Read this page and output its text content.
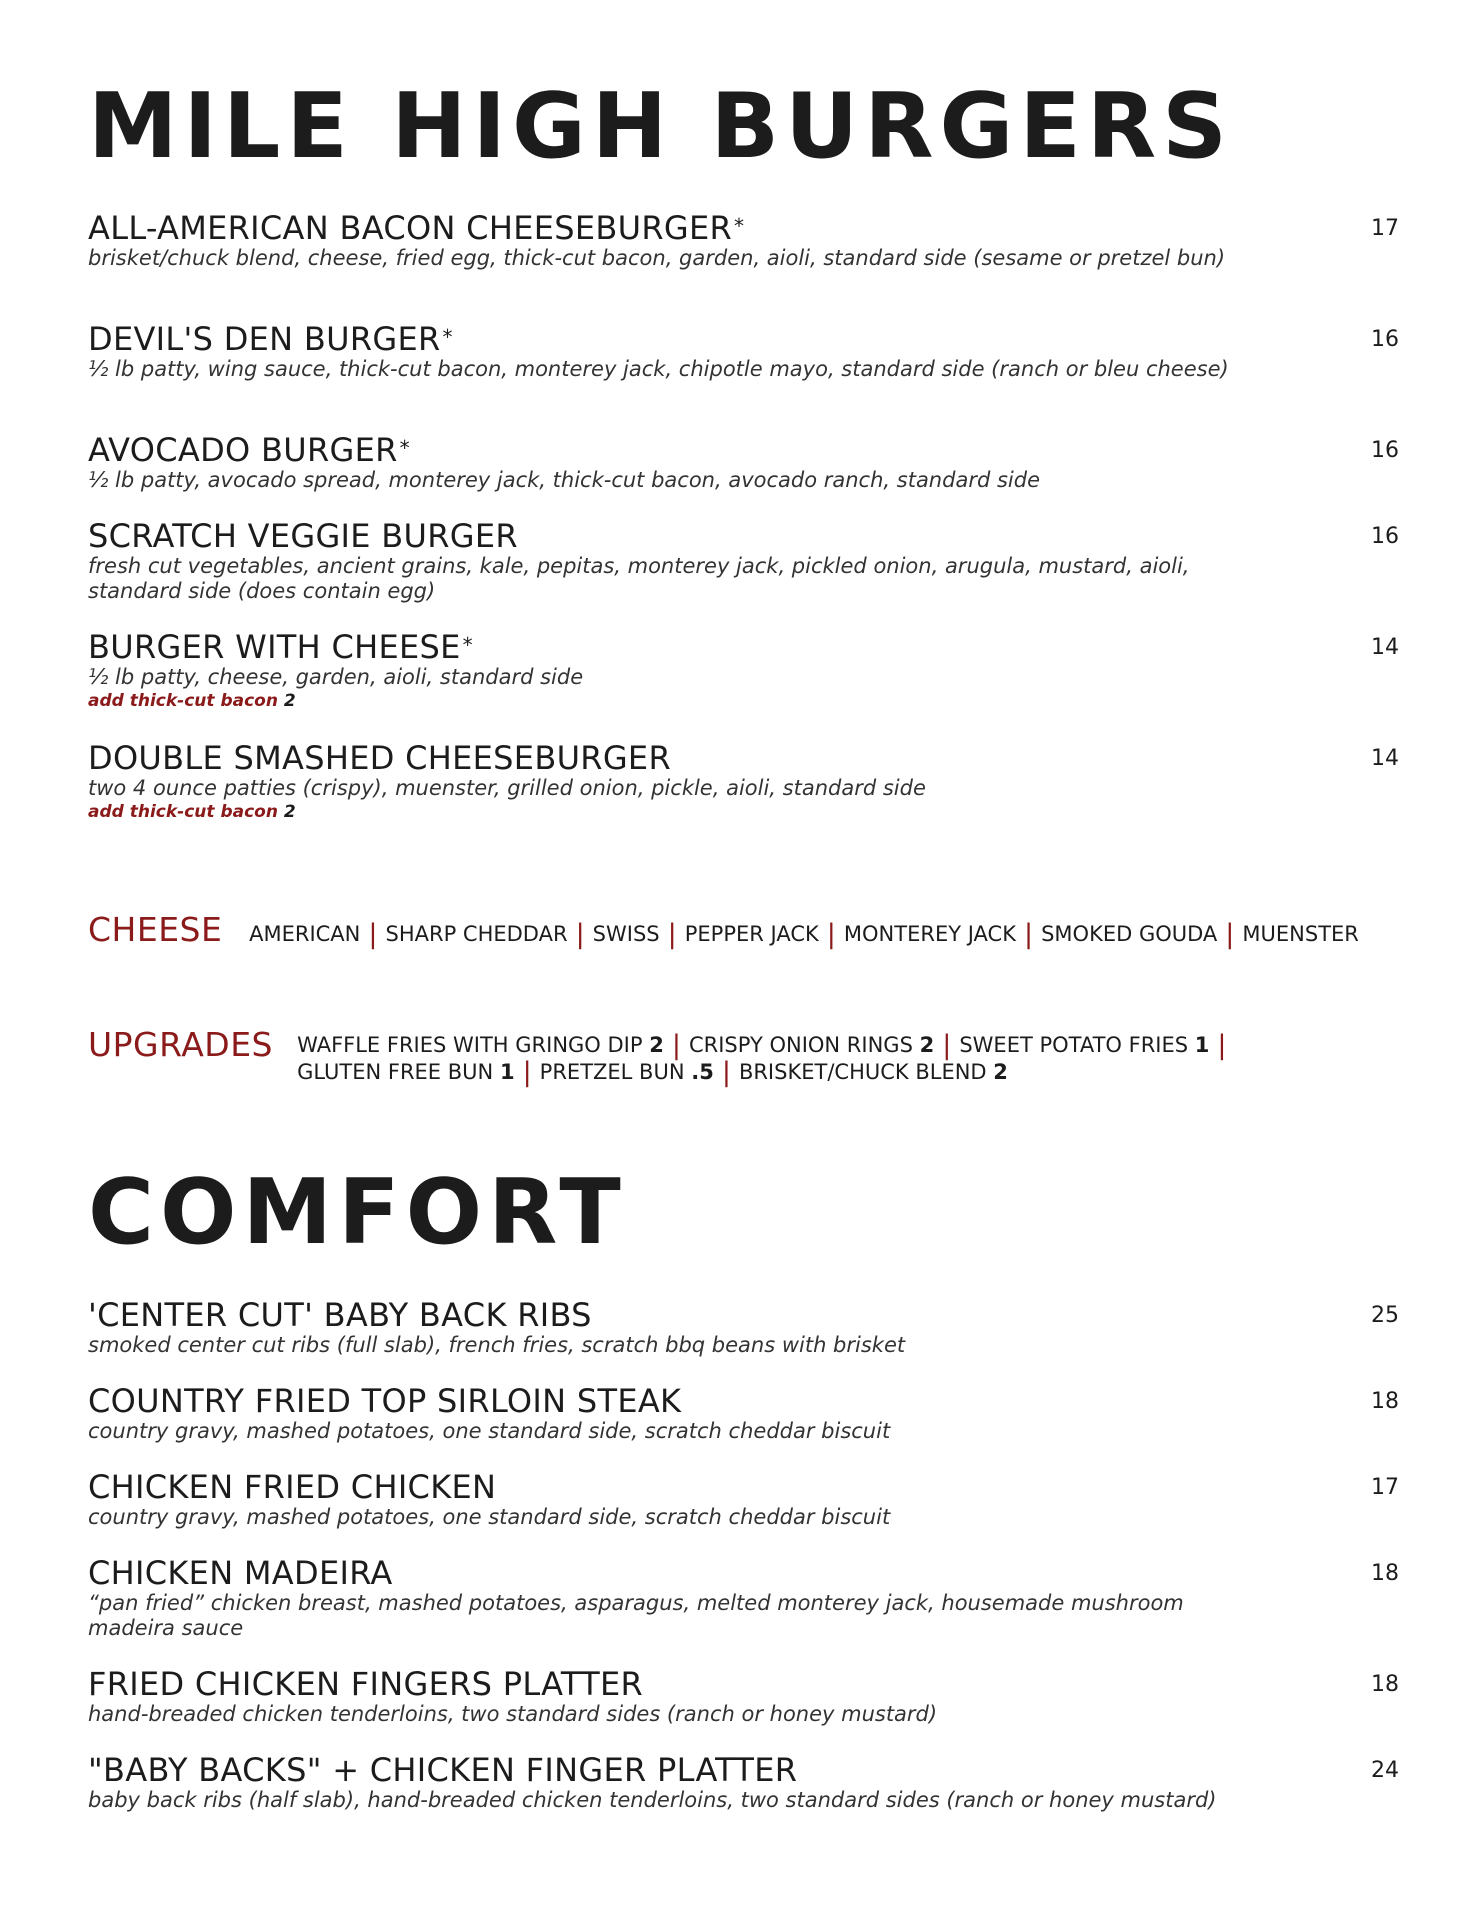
MILE HIGH BURGERS
ALL-AMERICAN BACON CHEESEBURGER *
brisket/chuck blend, cheese, fried egg, thick-cut bacon, garden, aioli, standard side (sesame or pretzel bun)
17
DEVIL'S DEN BURGER *
½ lb patty, wing sauce, thick-cut bacon, monterey jack, chipotle mayo, standard side (ranch or bleu cheese)
16
AVOCADO BURGER *
½ lb patty, avocado spread, monterey jack, thick-cut bacon, avocado ranch, standard side
16
SCRATCH VEGGIE BURGER
fresh cut vegetables, ancient grains, kale, pepitas, monterey jack, pickled onion, arugula, mustard, aioli, standard side (does contain egg)
16
BURGER WITH CHEESE *
½ lb patty, cheese, garden, aioli, standard side
add thick-cut bacon 2
14
DOUBLE SMASHED CHEESEBURGER
two 4 ounce patties (crispy), muenster, grilled onion, pickle, aioli, standard side
add thick-cut bacon 2
14
CHEESE AMERICAN | SHARP CHEDDAR | SWISS | PEPPER JACK | MONTEREY JACK | SMOKED GOUDA | MUENSTER
UPGRADES WAFFLE FRIES WITH GRINGO DIP 2 | CRISPY ONION RINGS 2 | SWEET POTATO FRIES 1 |
GLUTEN FREE BUN 1 | PRETZEL BUN .5 | BRISKET/CHUCK BLEND 2
COMFORT
'CENTER CUT' BABY BACK RIBS
smoked center cut ribs (full slab), french fries, scratch bbq beans with brisket
25
COUNTRY FRIED TOP SIRLOIN STEAK
country gravy, mashed potatoes, one standard side, scratch cheddar biscuit
18
CHICKEN FRIED CHICKEN
country gravy, mashed potatoes, one standard side, scratch cheddar biscuit
17
CHICKEN MADEIRA
“pan fried” chicken breast, mashed potatoes, asparagus, melted monterey jack, housemade mushroom madeira sauce
18
FRIED CHICKEN FINGERS PLATTER
hand-breaded chicken tenderloins, two standard sides (ranch or honey mustard)
18
"BABY BACKS" + CHICKEN FINGER PLATTER
baby back ribs (half slab), hand-breaded chicken tenderloins, two standard sides (ranch or honey mustard)
24
